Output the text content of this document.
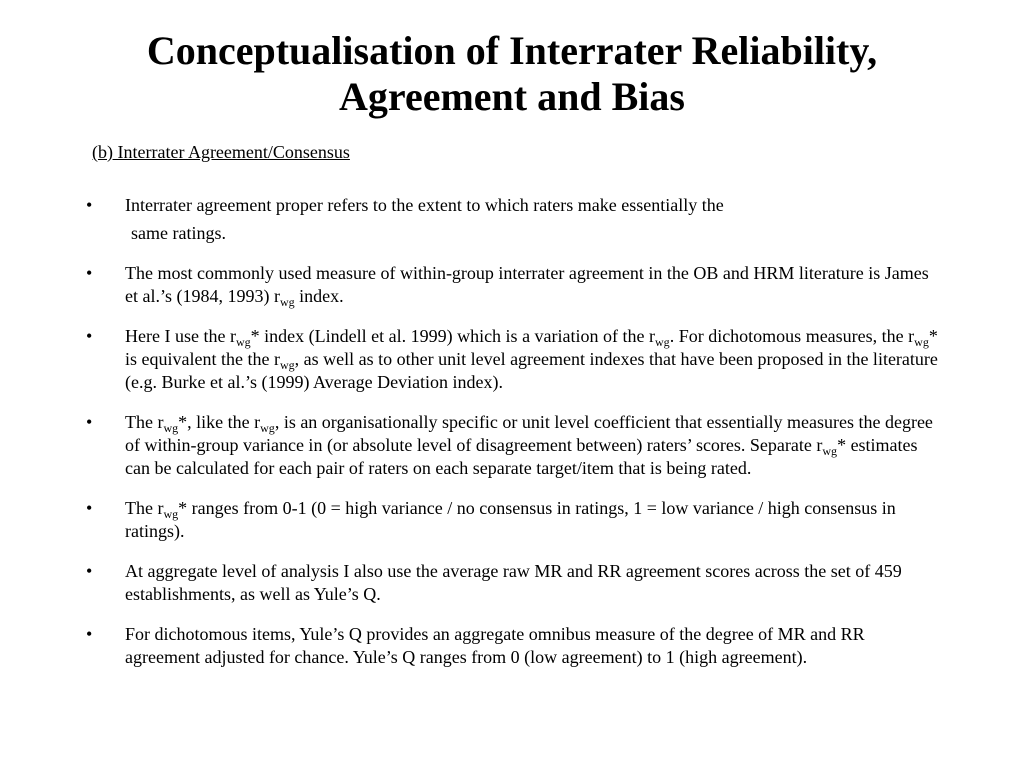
Conceptualisation of Interrater Reliability,
Agreement and Bias
(b) Interrater Agreement/Consensus
• Interrater agreement proper refers to the extent to which raters make essentially the
same ratings.
• The most commonly used measure of within-group interrater agreement in the OB and HRM literature is James et al.’s (1984, 1993) $r_{wg}$ index.
• Here I use the $r_{wg}*$ index (Lindell et al. 1999) which is a variation of the $r_{wg}$. For dichotomous measures, the $r_{wg}*$ is equivalent the the $r_{wg}$, as well as to other unit level agreement indexes that have been proposed in the literature (e.g. Burke et al.’s (1999) Average Deviation index).
• The $r_{wg}*$, like the $r_{wg}$, is an organisationally specific or unit level coefficient that essentially measures the degree of within-group variance in (or absolute level of disagreement between) raters’ scores. Separate $r_{wg}*$ estimates can be calculated for each pair of raters on each separate target/item that is being rated.
• The $r_{wg}*$ ranges from 0-1 (0 = high variance / no consensus in ratings, 1 = low variance / high consensus in ratings).
• At aggregate level of analysis I also use the average raw MR and RR agreement scores across the set of 459 establishments, as well as Yule’s Q.
• For dichotomous items, Yule’s Q provides an aggregate omnibus measure of the degree of MR and RR agreement adjusted for chance. Yule’s Q ranges from 0 (low agreement) to 1 (high agreement).
